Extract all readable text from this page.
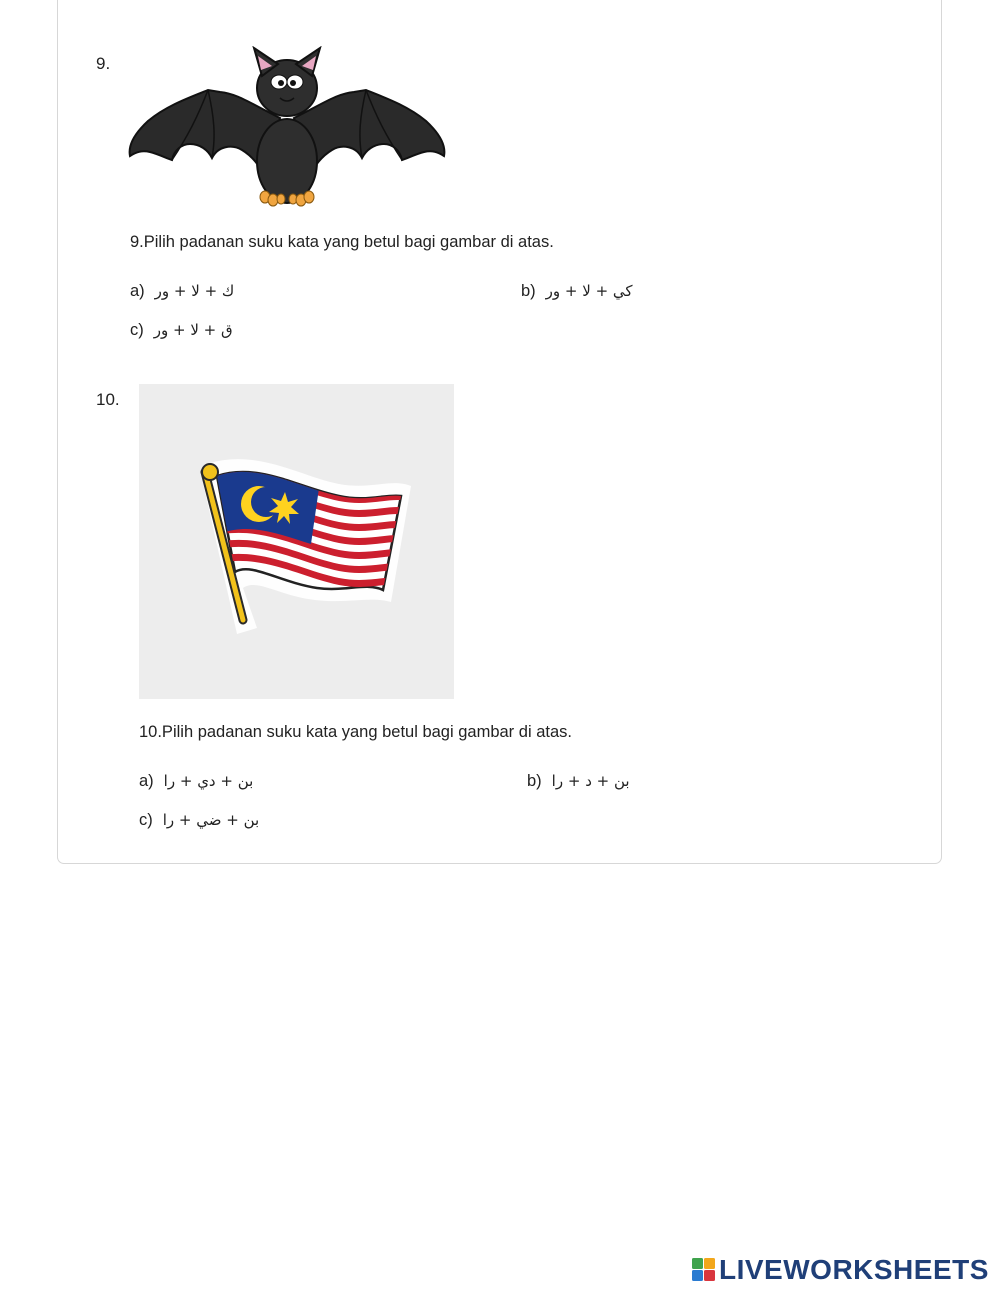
9.
9.Pilih padanan suku kata yang betul bagi gambar di atas.
a) ك + لا + ور	b) كي + لا + ور
c) ق + لا + ور
10.
10.Pilih padanan suku kata yang betul bagi gambar di atas.
a) بن + دي + را	b) بن + د + را
c) بن + ضي + را
LIVEWORKSHEETS
